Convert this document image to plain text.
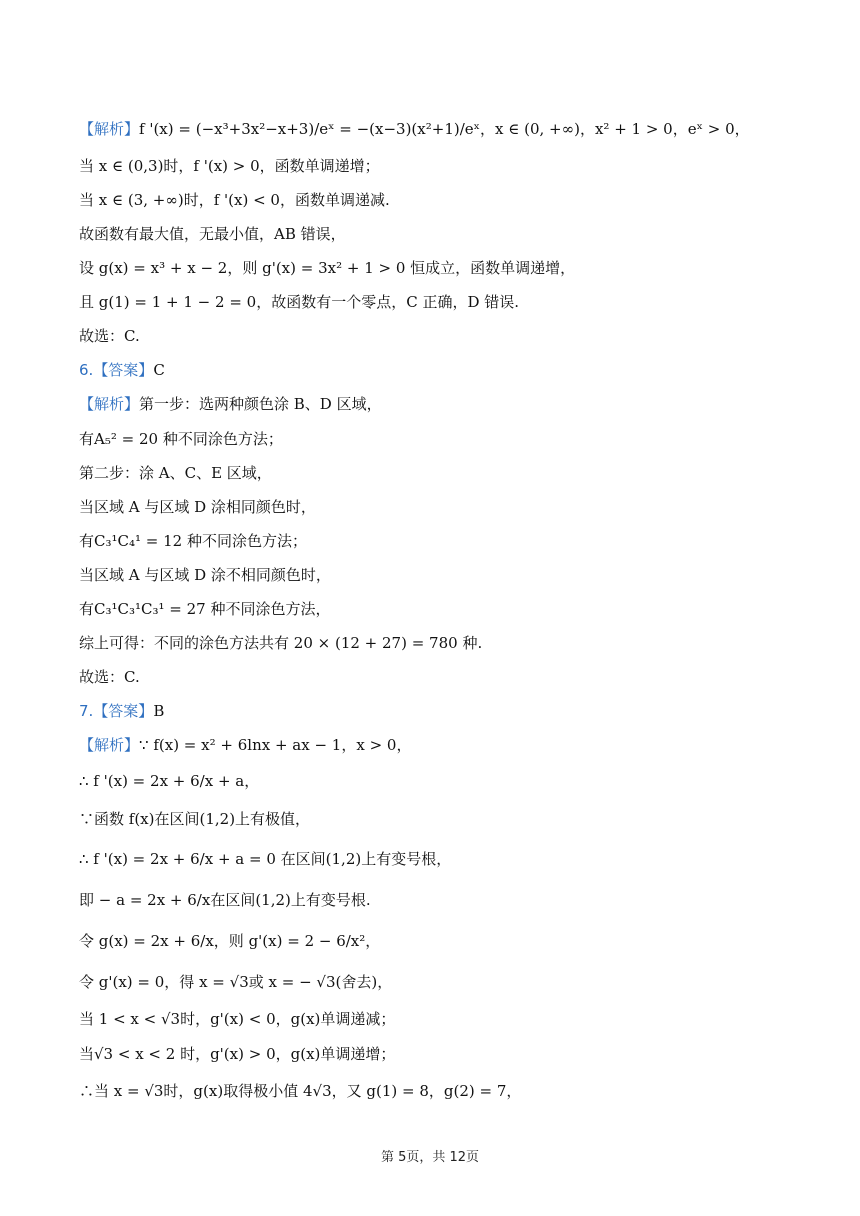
【解析】f '(x) = (−x³+3x²−x+3)/eˣ = −(x−3)(x²+1)/eˣ，x ∈ (0, +∞)，x² + 1 > 0，eˣ > 0，
当 x ∈ (0,3)时，f '(x) > 0，函数单调递增；
当 x ∈ (3, +∞)时，f '(x) < 0，函数单调递减.
故函数有最大值，无最小值，AB 错误，
设 g(x) = x³ + x − 2，则 g'(x) = 3x² + 1 > 0 恒成立，函数单调递增，
且 g(1) = 1 + 1 − 2 = 0，故函数有一个零点，C 正确，D 错误.
故选：C.
6.【答案】C
【解析】第一步：选两种颜色涂 B、D 区域，
有A₅² = 20 种不同涂色方法；
第二步：涂 A、C、E 区域，
当区域 A 与区域 D 涂相同颜色时，
有C₃¹C₄¹ = 12 种不同涂色方法；
当区域 A 与区域 D 涂不相同颜色时，
有C₃¹C₃¹C₃¹ = 27 种不同涂色方法，
综上可得：不同的涂色方法共有 20 × (12 + 27) = 780 种.
故选：C.
7.【答案】B
【解析】∵ f(x) = x² + 6lnx + ax − 1，x > 0，
∴ f '(x) = 2x + 6/x + a，
∵函数 f(x)在区间(1,2)上有极值，
∴ f '(x) = 2x + 6/x + a = 0 在区间(1,2)上有变号根，
即 − a = 2x + 6/x在区间(1,2)上有变号根.
令 g(x) = 2x + 6/x，则 g'(x) = 2 − 6/x²，
令 g'(x) = 0，得 x = √3或 x = − √3(舍去)，
当 1 < x < √3时，g'(x) < 0，g(x)单调递减；
当√3 < x < 2 时，g'(x) > 0，g(x)单调递增；
∴当 x = √3时，g(x)取得极小值 4√3，又 g(1) = 8，g(2) = 7，
第 5页，共 12页
